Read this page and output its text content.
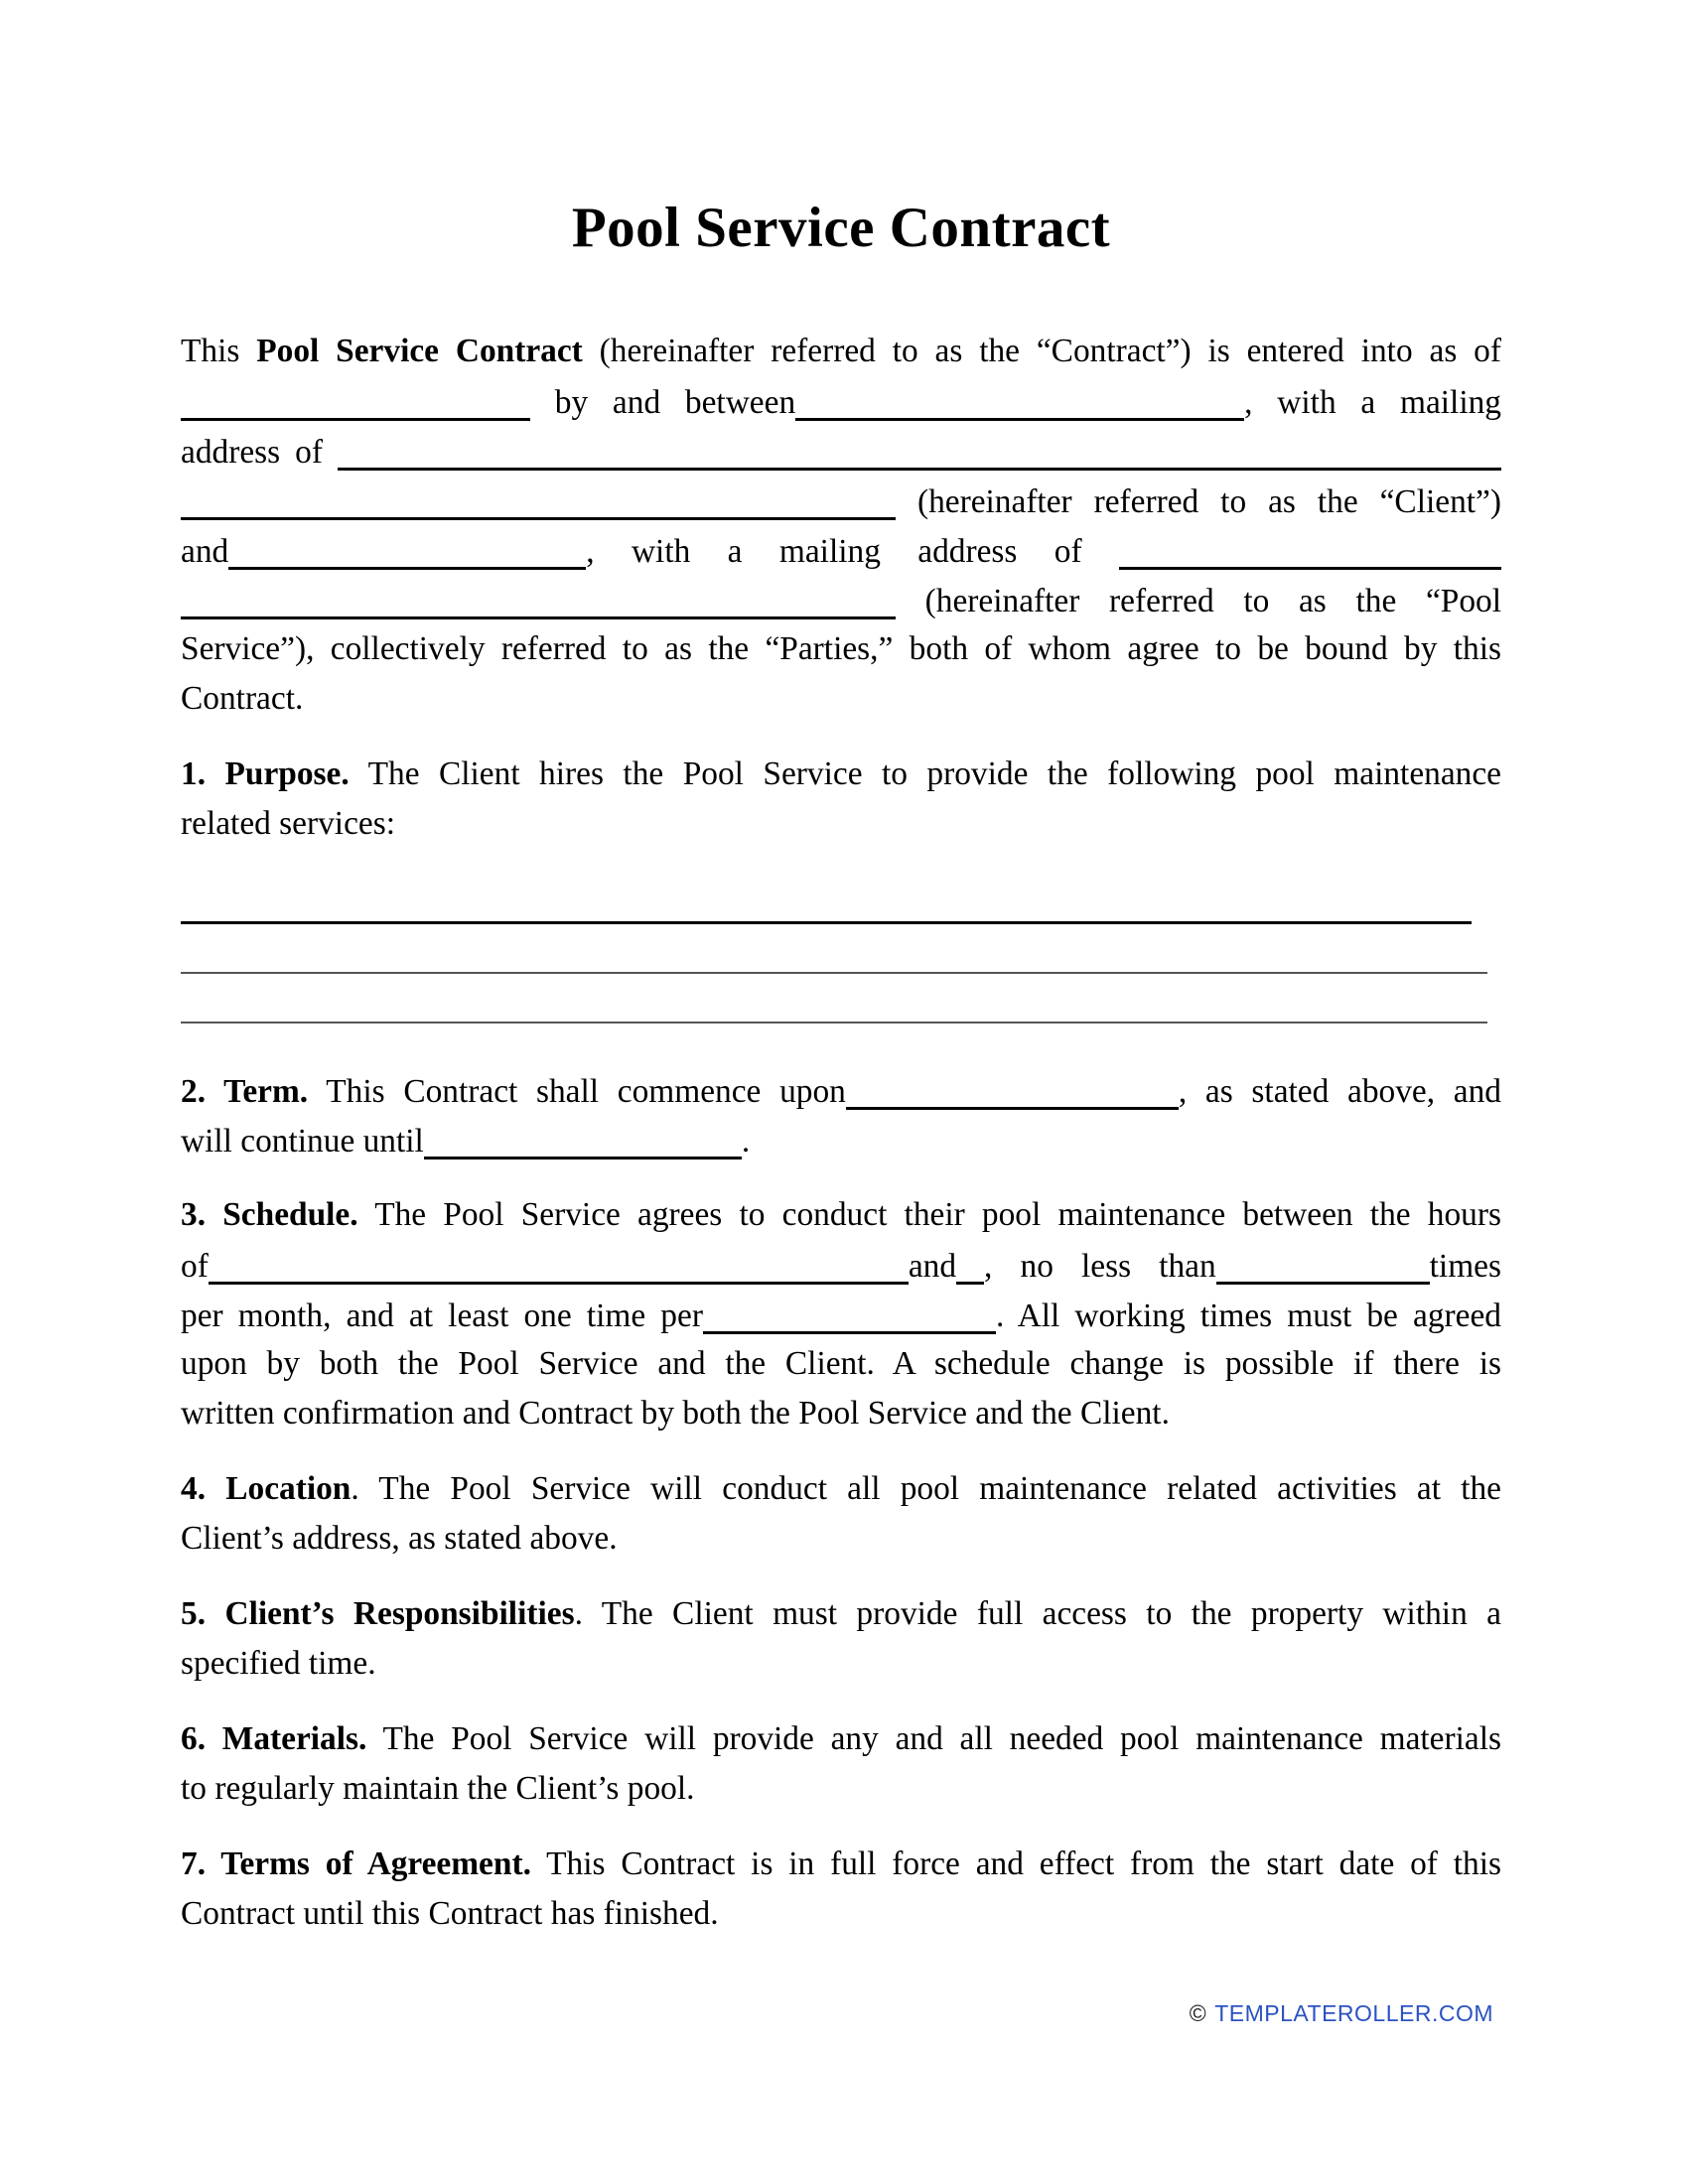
Pool Service Contract
This Pool Service Contract (hereinafter referred to as the “Contract”) is entered into as of
by and between	, with a mailing
address of
(hereinafter referred to as the “Client”)
and	, with a mailing address of
(hereinafter referred to as the “Pool
Service”), collectively referred to as the “Parties,” both of whom agree to be bound by this
Contract.
1. Purpose. The Client hires the Pool Service to provide the following pool maintenance
related services:
2. Term. This Contract shall commence upon	, as stated above, and
will continue until	.
3. Schedule. The Pool Service agrees to conduct their pool maintenance between the hours
of	and , no less than	times
per month, and at least one time per	. All working times must be agreed
upon by both the Pool Service and the Client. A schedule change is possible if there is
written confirmation and Contract by both the Pool Service and the Client.
4. Location. The Pool Service will conduct all pool maintenance related activities at the
Client’s address, as stated above.
5. Client’s Responsibilities. The Client must provide full access to the property within a
specified time.
6. Materials. The Pool Service will provide any and all needed pool maintenance materials
to regularly maintain the Client’s pool.
7. Terms of Agreement. This Contract is in full force and effect from the start date of this
Contract until this Contract has finished.
© TEMPLATEROLLER.COM
